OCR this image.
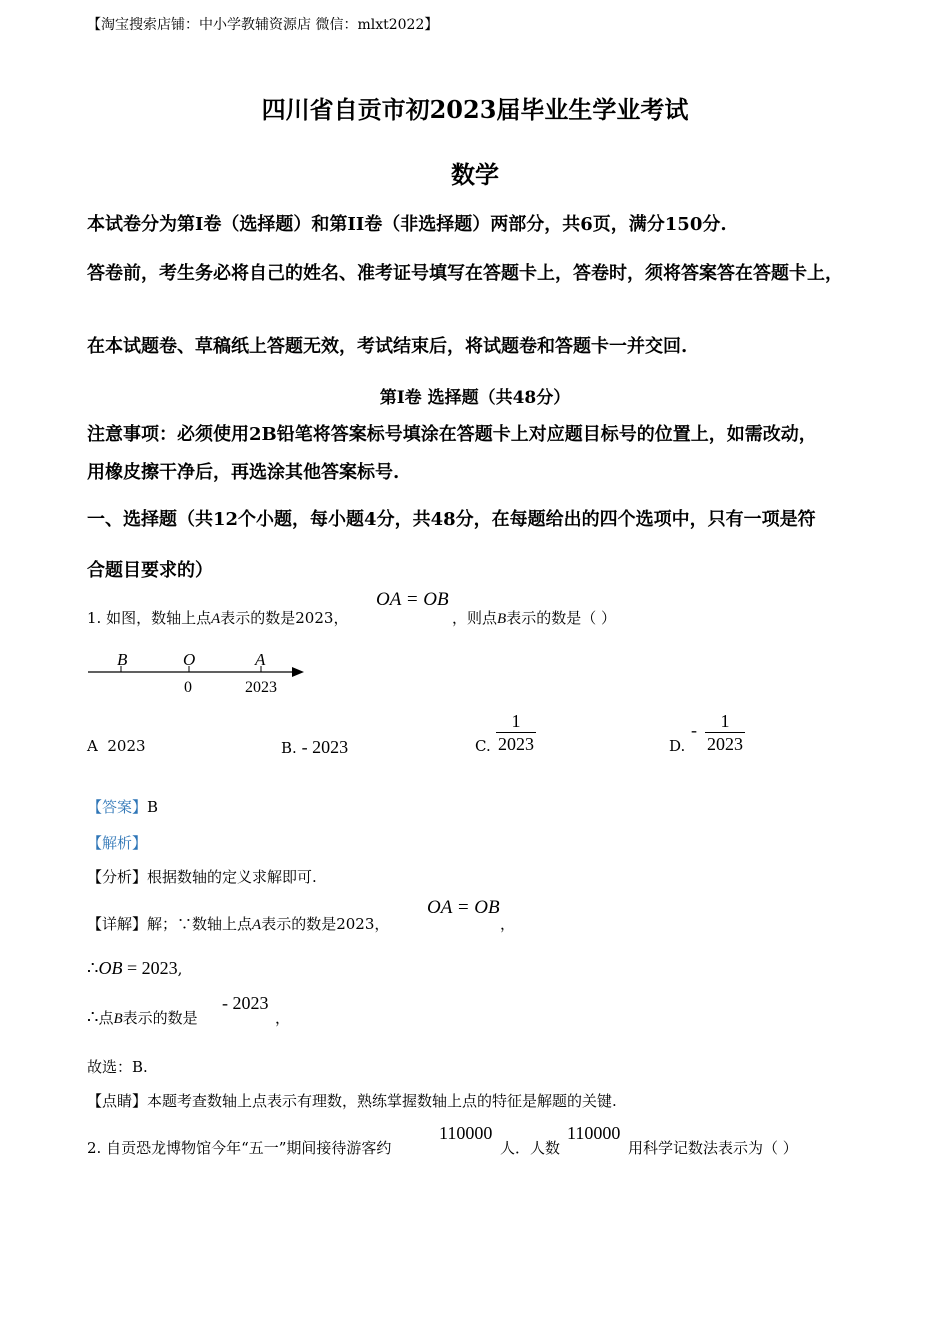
【淘宝搜索店铺：中小学教辅资源店 微信：mlxt2022】
四川省自贡市初2023届毕业生学业考试
数学
本试卷分为第I卷（选择题）和第II卷（非选择题）两部分，共6页，满分150分.
答卷前，考生务必将自己的姓名、准考证号填写在答题卡上，答卷时，须将答案答在答题卡上，
在本试题卷、草稿纸上答题无效，考试结束后，将试题卷和答题卡一并交回.
第I卷 选择题（共48分）
注意事项：必须使用2B铅笔将答案标号填涂在答题卡上对应题目标号的位置上，如需改动，
用橡皮擦干净后，再选涂其他答案标号.
一、选择题（共12个小题，每小题4分，共48分，在每题给出的四个选项中，只有一项是符
合题目要求的）
1. 如图，数轴上点A表示的数是2023，
OA = OB
，则点B表示的数是（ ）
B	O	A
0	2023
A 2023	B. - 2023	C. $\frac{1}{2023}$	D.
- $\frac{1}{2023}$
【答案】B
【解析】
【分析】根据数轴的定义求解即可.
【详解】解；∵数轴上点A表示的数是2023，
OA = OB
，
∴OB = 2023,
∴点B表示的数是
- 2023
，
故选：B.
【点睛】本题考查数轴上点表示有理数，熟练掌握数轴上点的特征是解题的关键.
2. 自贡恐龙博物馆今年“五一”期间接待游客约
110000
人．人数
110000
用科学记数法表示为（ ）
